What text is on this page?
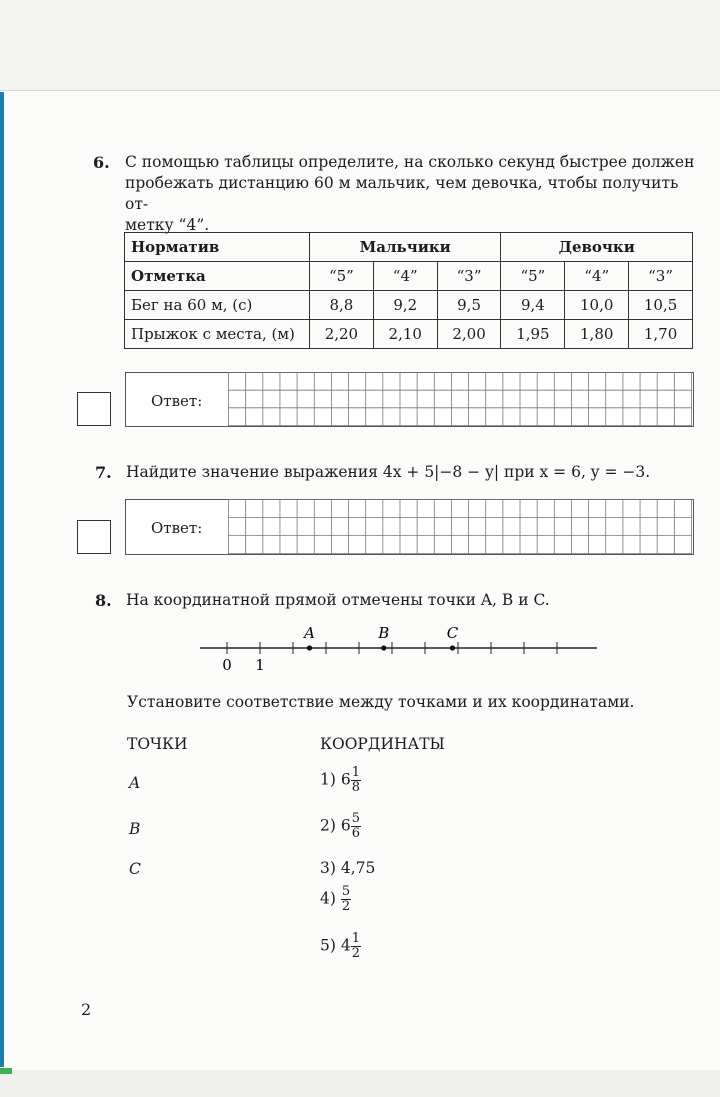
6. С помощью таблицы определите, на сколько секунд быстрее должен
пробежать дистанцию 60 м мальчик, чем девочка, чтобы получить от-
метку “4”.
Норматив	Мальчики			Девочки		
Отметка	“5”	“4”	“3”	“5”	“4”	“3”
Бег на 60 м, (с)	8,8	9,2	9,5	9,4	10,0	10,5
Прыжок с места, (м)	2,20	2,10	2,00	1,95	1,80	1,70
Ответ:
7. Найдите значение выражения 4x + 5|−8 − y| при x = 6, y = −3.
Ответ:
8. На координатной прямой отмечены точки A, B и C.
0 1
A	B	C
Установите соответствие между точками и их координатами.
ТОЧКИ	КООРДИНАТЫ
A
B
C
1) $6 \frac{1}{8}$
2) $6 \frac{5}{6}$
3) 4,75
$4) \frac{5}{2}$
5) $4 \frac{1}{2}$
2
